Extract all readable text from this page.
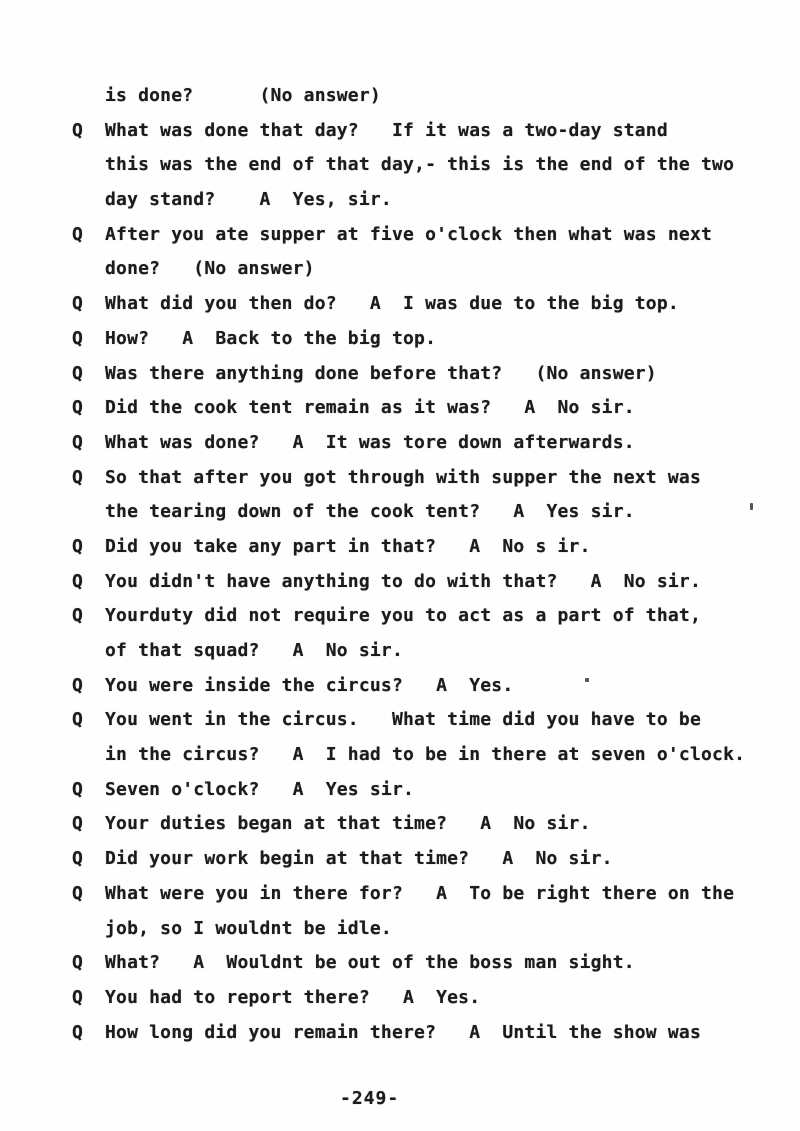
is done?      (No answer)
Q What was done that day?   If it was a two-day stand
this was the end of that day,- this is the end of the two
day stand?    A  Yes, sir.
Q After you ate supper at five o'clock then what was next
done?   (No answer)
Q What did you then do?   A  I was due to the big top.
Q How?   A  Back to the big top.
Q Was there anything done before that?   (No answer)
Q Did the cook tent remain as it was?   A  No sir.
Q What was done?   A  It was tore down afterwards.
Q So that after you got through with supper the next was
the tearing down of the cook tent?   A  Yes sir.
Q Did you take any part in that?   A  No s ir.
Q You didn't have anything to do with that?   A  No sir.
Q Yourduty did not require you to act as a part of that,
of that squad?   A  No sir.
Q You were inside the circus?   A  Yes.
Q You went in the circus.   What time did you have to be
in the circus?   A  I had to be in there at seven o'clock.
Q Seven o'clock?   A  Yes sir.
Q Your duties began at that time?   A  No sir.
Q Did your work begin at that time?   A  No sir.
Q What were you in there for?   A  To be right there on the
job, so I wouldnt be idle.
Q What?   A  Wouldnt be out of the boss man sight.
Q You had to report there?   A  Yes.
Q How long did you remain there?   A  Until the show was
-249-
